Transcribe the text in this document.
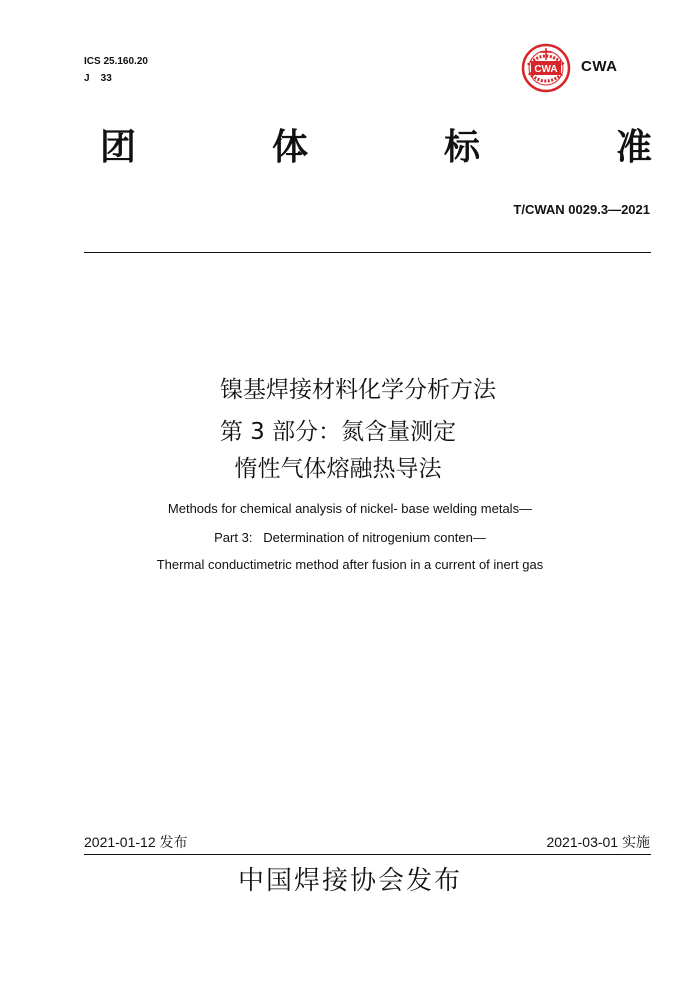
ICS 25.160.20
J    33
CWA CWA
团	体	标	准
T/CWAN 0029.3—2021
镍基焊接材料化学分析方法
第 3 部分：氮含量测定
惰性气体熔融热导法
Methods for chemical analysis of nickel- base welding metals—
Part 3:   Determination of nitrogenium conten—
Thermal conductimetric method after fusion in a current of inert gas
2021-01-12 发布	2021-03-01 实施
中国焊接协会发布
